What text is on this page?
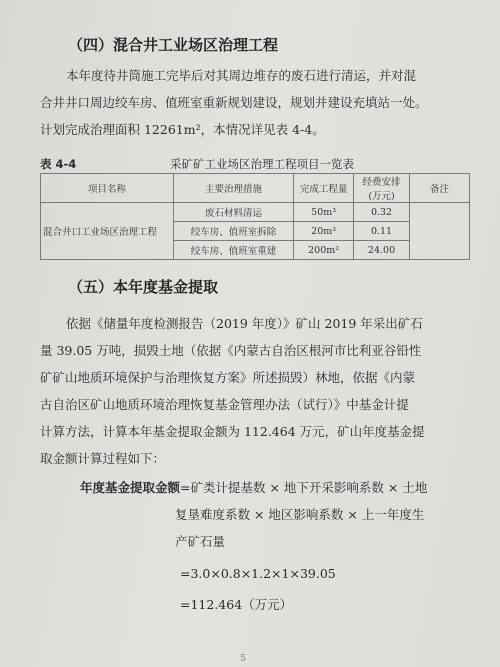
（四）混合井工业场区治理工程
本年度待井筒施工完毕后对其周边堆存的废石进行清运，并对混
合井井口周边绞车房、值班室重新规划建设，规划并建设充填站一处。
计划完成治理面积 12261m²，本情况详见表 4-4。
表 4-4	采矿矿工业场区治理工程项目一览表
项目名称	主要治理措施	完成工程量	经费安排(万元)	备注
混合井口工业场区治理工程	废石材料清运	50m³	0.32	
	绞车房、值班室拆除	20m³	0.11	
	绞车房、值班室重建	200m²	24.00	
（五）本年度基金提取
依据《储量年度检测报告（2019 年度）》矿山 2019 年采出矿石
量 39.05 万吨，损毁土地（依据《内蒙古自治区根河市比利亚谷铅性
矿矿山地质环境保护与治理恢复方案》所述损毁）林地，依据《内蒙
古自治区矿山地质环境治理恢复基金管理办法（试行）》中基金计提
计算方法，计算本年基金提取金额为 112.464 万元，矿山年度基金提
取金额计算过程如下：
年度基金提取金额=矿类计提基数 × 地下开采影响系数 × 土地
复垦难度系数 × 地区影响系数 × 上一年度生
产矿石量
=3.0×0.8×1.2×1×39.05
=112.464（万元）
5
